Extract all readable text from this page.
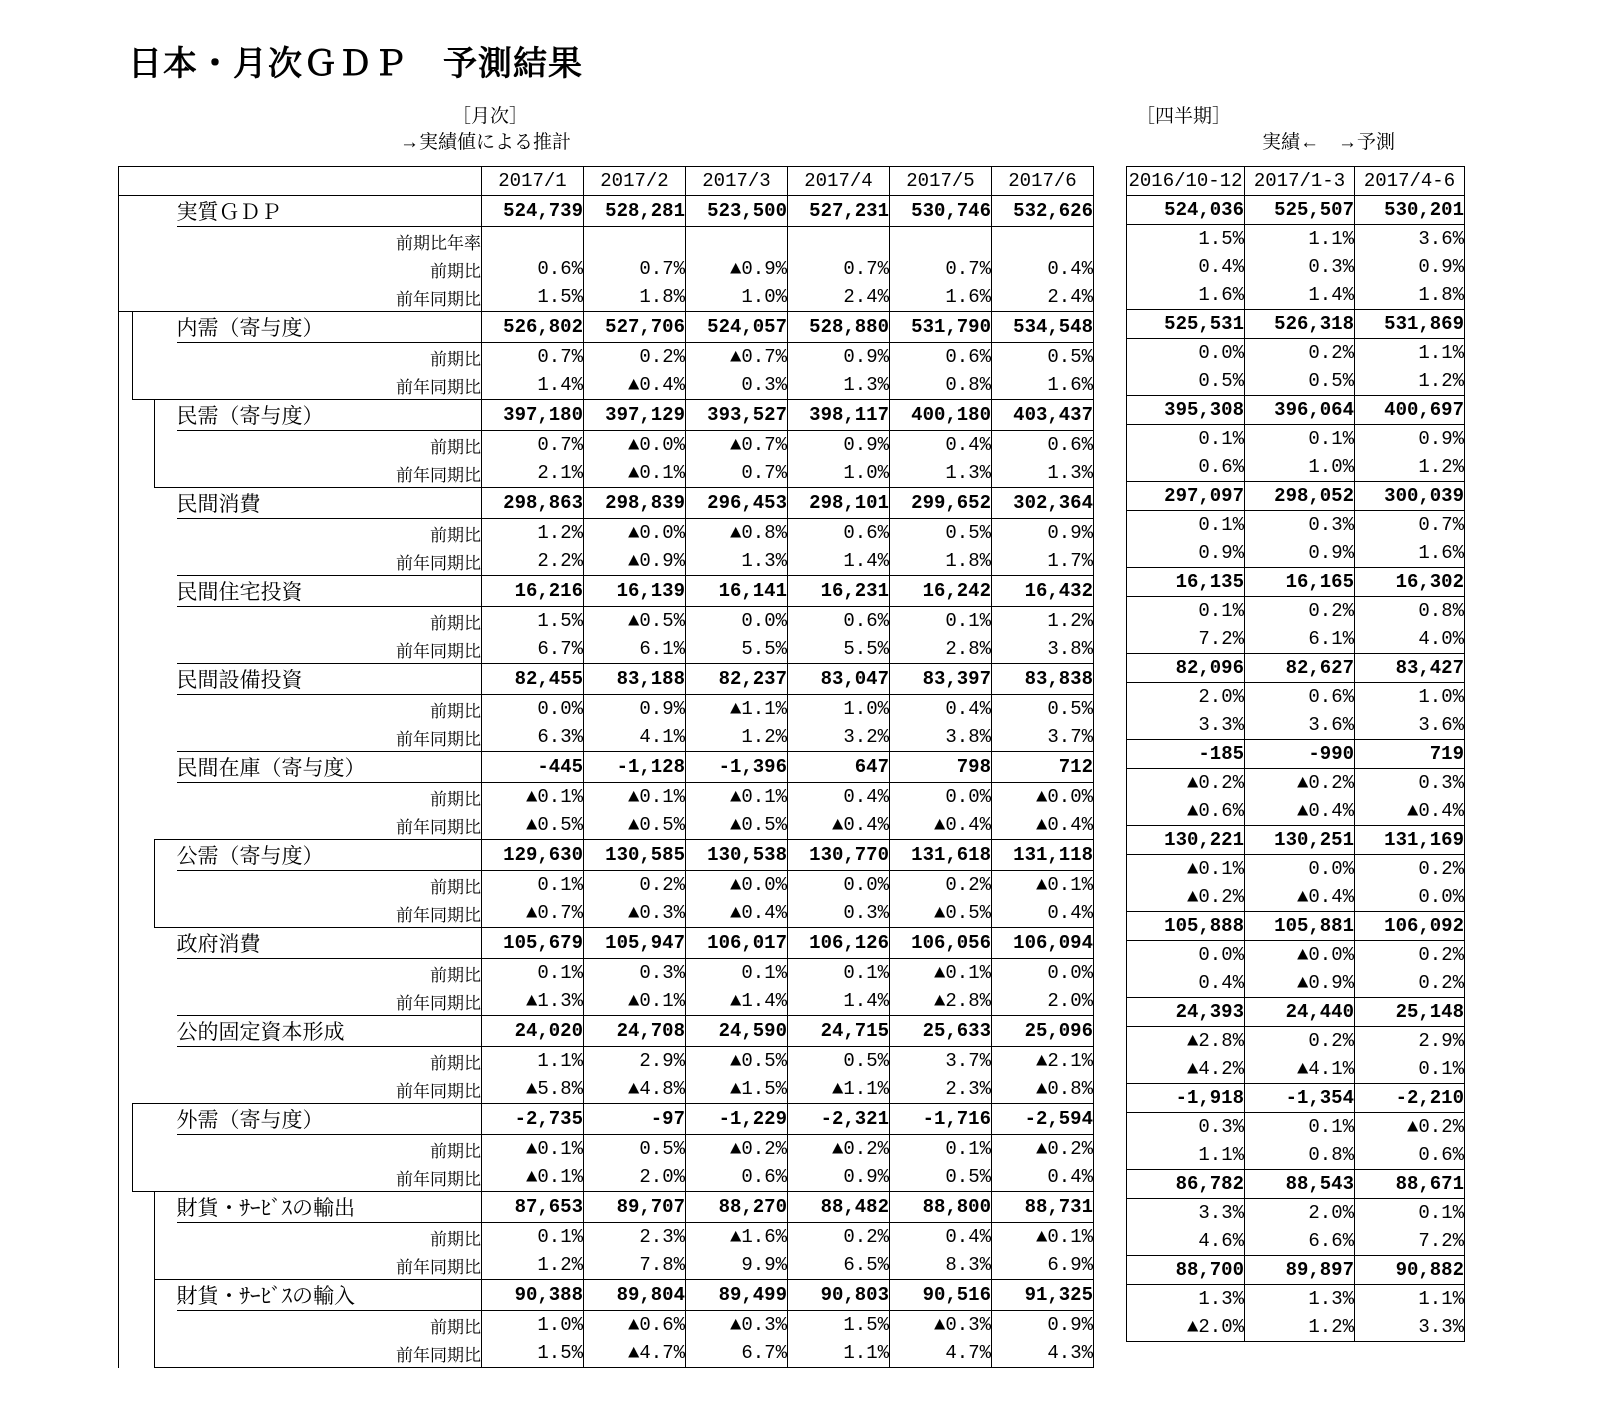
日本・月次ＧＤＰ　予測結果
［月次］
→実績値による推計
［四半期］
実績←　→予測
				2017/1	2017/2	2017/3	2017/4	2017/5	2017/6
			実質ＧＤＰ	524,739	528,281	523,500	527,231	530,746	532,626
			前期比年率						
			前期比	0.6%	0.7%	▲0.9%	0.7%	0.7%	0.4%
			前年同期比	1.5%	1.8%	1.0%	2.4%	1.6%	2.4%
			内需（寄与度）	526,802	527,706	524,057	528,880	531,790	534,548
			前期比	0.7%	0.2%	▲0.7%	0.9%	0.6%	0.5%
			前年同期比	1.4%	▲0.4%	0.3%	1.3%	0.8%	1.6%
			民需（寄与度）	397,180	397,129	393,527	398,117	400,180	403,437
			前期比	0.7%	▲0.0%	▲0.7%	0.9%	0.4%	0.6%
			前年同期比	2.1%	▲0.1%	0.7%	1.0%	1.3%	1.3%
			民間消費	298,863	298,839	296,453	298,101	299,652	302,364
			前期比	1.2%	▲0.0%	▲0.8%	0.6%	0.5%	0.9%
			前年同期比	2.2%	▲0.9%	1.3%	1.4%	1.8%	1.7%
			民間住宅投資	16,216	16,139	16,141	16,231	16,242	16,432
			前期比	1.5%	▲0.5%	0.0%	0.6%	0.1%	1.2%
			前年同期比	6.7%	6.1%	5.5%	5.5%	2.8%	3.8%
			民間設備投資	82,455	83,188	82,237	83,047	83,397	83,838
			前期比	0.0%	0.9%	▲1.1%	1.0%	0.4%	0.5%
			前年同期比	6.3%	4.1%	1.2%	3.2%	3.8%	3.7%
			民間在庫（寄与度）	-445	-1,128	-1,396	647	798	712
			前期比	▲0.1%	▲0.1%	▲0.1%	0.4%	0.0%	▲0.0%
			前年同期比	▲0.5%	▲0.5%	▲0.5%	▲0.4%	▲0.4%	▲0.4%
			公需（寄与度）	129,630	130,585	130,538	130,770	131,618	131,118
			前期比	0.1%	0.2%	▲0.0%	0.0%	0.2%	▲0.1%
			前年同期比	▲0.7%	▲0.3%	▲0.4%	0.3%	▲0.5%	0.4%
			政府消費	105,679	105,947	106,017	106,126	106,056	106,094
			前期比	0.1%	0.3%	0.1%	0.1%	▲0.1%	0.0%
			前年同期比	▲1.3%	▲0.1%	▲1.4%	1.4%	▲2.8%	2.0%
			公的固定資本形成	24,020	24,708	24,590	24,715	25,633	25,096
			前期比	1.1%	2.9%	▲0.5%	0.5%	3.7%	▲2.1%
			前年同期比	▲5.8%	▲4.8%	▲1.5%	▲1.1%	2.3%	▲0.8%
			外需（寄与度）	-2,735	-97	-1,229	-2,321	-1,716	-2,594
			前期比	▲0.1%	0.5%	▲0.2%	▲0.2%	0.1%	▲0.2%
			前年同期比	▲0.1%	2.0%	0.6%	0.9%	0.5%	0.4%
			財貨・ｻｰﾋﾞｽの輸出	87,653	89,707	88,270	88,482	88,800	88,731
			前期比	0.1%	2.3%	▲1.6%	0.2%	0.4%	▲0.1%
			前年同期比	1.2%	7.8%	9.9%	6.5%	8.3%	6.9%
			財貨・ｻｰﾋﾞｽの輸入	90,388	89,804	89,499	90,803	90,516	91,325
			前期比	1.0%	▲0.6%	▲0.3%	1.5%	▲0.3%	0.9%
			前年同期比	1.5%	▲4.7%	6.7%	1.1%	4.7%	4.3%
2016/10-12	2017/1-3	2017/4-6
524,036	525,507	530,201
1.5%	1.1%	3.6%
0.4%	0.3%	0.9%
1.6%	1.4%	1.8%
525,531	526,318	531,869
0.0%	0.2%	1.1%
0.5%	0.5%	1.2%
395,308	396,064	400,697
0.1%	0.1%	0.9%
0.6%	1.0%	1.2%
297,097	298,052	300,039
0.1%	0.3%	0.7%
0.9%	0.9%	1.6%
16,135	16,165	16,302
0.1%	0.2%	0.8%
7.2%	6.1%	4.0%
82,096	82,627	83,427
2.0%	0.6%	1.0%
3.3%	3.6%	3.6%
-185	-990	719
▲0.2%	▲0.2%	0.3%
▲0.6%	▲0.4%	▲0.4%
130,221	130,251	131,169
▲0.1%	0.0%	0.2%
▲0.2%	▲0.4%	0.0%
105,888	105,881	106,092
0.0%	▲0.0%	0.2%
0.4%	▲0.9%	0.2%
24,393	24,440	25,148
▲2.8%	0.2%	2.9%
▲4.2%	▲4.1%	0.1%
-1,918	-1,354	-2,210
0.3%	0.1%	▲0.2%
1.1%	0.8%	0.6%
86,782	88,543	88,671
3.3%	2.0%	0.1%
4.6%	6.6%	7.2%
88,700	89,897	90,882
1.3%	1.3%	1.1%
▲2.0%	1.2%	3.3%
